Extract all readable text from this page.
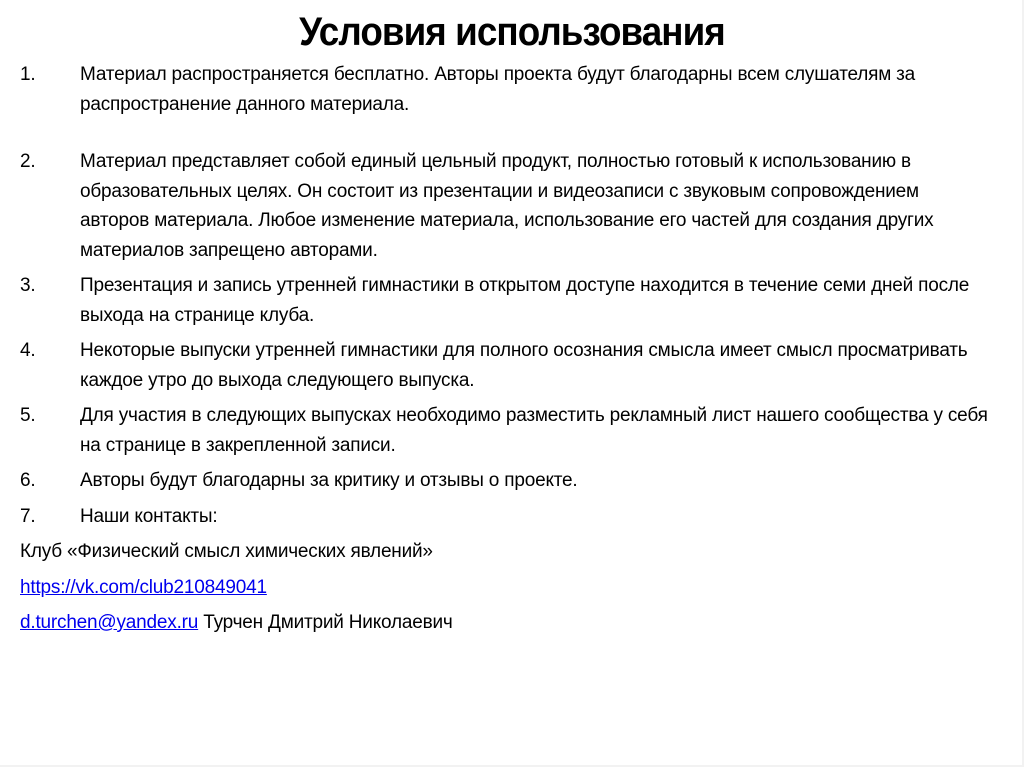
Условия использования
1.	Материал распространяется бесплатно. Авторы проекта будут благодарны всем слушателям за распространение данного материала.
2.	Материал представляет собой единый цельный продукт, полностью готовый к использованию в образовательных целях. Он состоит из презентации и видеозаписи с звуковым сопровождением авторов материала. Любое изменение материала, использование его частей для создания других материалов запрещено авторами.
3.	Презентация и запись утренней гимнастики в открытом доступе находится в течение семи дней после выхода на странице клуба.
4.	Некоторые выпуски утренней гимнастики для полного осознания смысла имеет смысл просматривать каждое утро до выхода следующего выпуска.
5.	Для участия в следующих выпусках необходимо разместить рекламный лист нашего сообщества у себя на странице в закрепленной записи.
6.	Авторы будут благодарны за критику и отзывы о проекте.
7.	Наши контакты:
Клуб «Физический смысл химических явлений»
https://vk.com/club210849041
d.turchen@yandex.ru Турчен Дмитрий Николаевич
